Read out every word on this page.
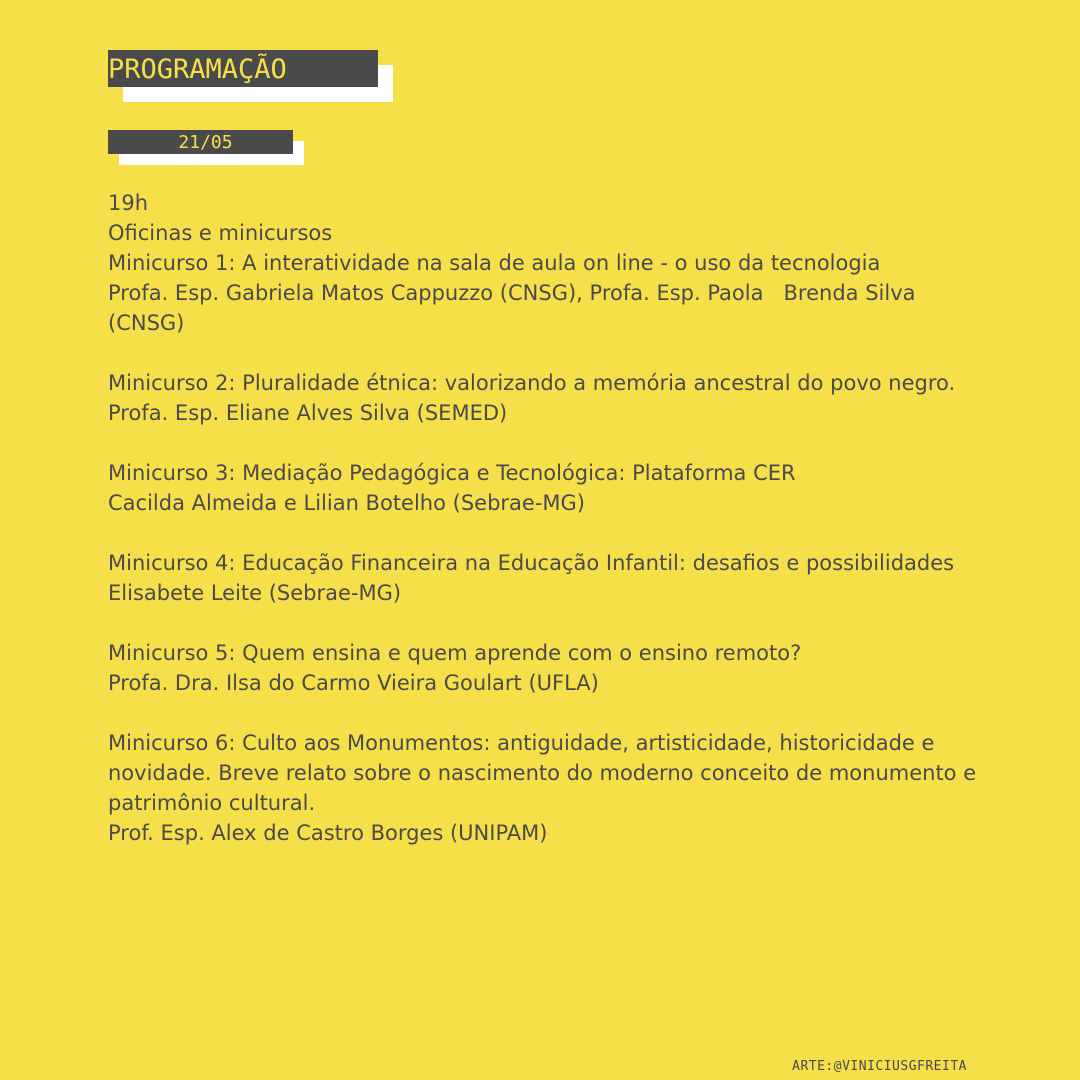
PROGRAMAÇÃO
21/05

19h

Oficinas e minicursos

Minicurso 1: A interatividade na sala de aula on line - o uso da tecnologia

Profa. Esp. Gabriela Matos Cappuzzo (CNSG), Profa. Esp. Paola   Brenda Silva (CNSG)

Minicurso 2: Pluralidade étnica: valorizando a memória ancestral do povo negro.

Profa. Esp. Eliane Alves Silva (SEMED)

Minicurso 3: Mediação Pedagógica e Tecnológica: Plataforma CER

Cacilda Almeida e Lilian Botelho (Sebrae-MG)

Minicurso 4: Educação Financeira na Educação Infantil: desafios e possibilidades

Elisabete Leite (Sebrae-MG)

Minicurso 5: Quem ensina e quem aprende com o ensino remoto?

Profa. Dra. Ilsa do Carmo Vieira Goulart (UFLA)

Minicurso 6: Culto aos Monumentos: antiguidade, artisticidade, historicidade e novidade. Breve relato sobre o nascimento do moderno conceito de monumento e patrimônio cultural.

Prof. Esp. Alex de Castro Borges (UNIPAM)

ARTE:@VINICIUSGFREITA
